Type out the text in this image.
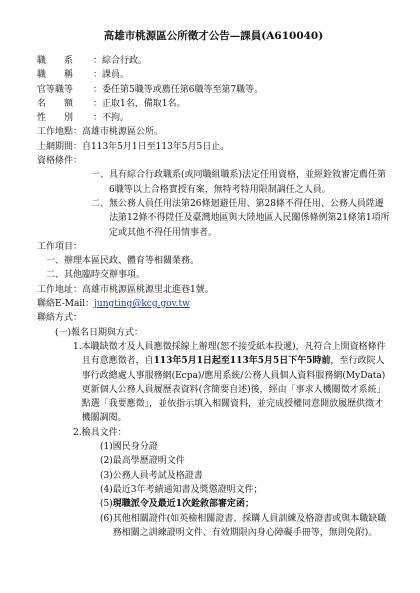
高雄市桃源區公所徵才公告—課員(A610040)
職　　系 ：綜合行政。
職　　稱 ：課員。
官等職等 ：委任第5職等或薦任第6職等至第7職等。
名　　額 ：正取1名，備取1名。
性　　別 ：不拘。
工作地點：高雄市桃源區公所。
上網期間：自113年5月1日至113年5月5日止。
資格條件：
一、 具有綜合行政職系(或同職組職系)法定任用資格，並經銓敘審定薦任第6職等以上合格實授有案，無特考特用限制調任之人員。
二、 無公務人員任用法第26條迴避任用、第28條不得任用、公務人員陞遷法第12條不得陞任及臺灣地區與大陸地區人民關係條例第21條第1項所定或其他不得任用情事者。
工作項目：
一、辦理本區民政、體育等相關業務。
二、其他臨時交辦事項。
工作地址：高雄市桃源區桃源里北進巷1號。
聯絡E-Mail：jungting@kcg.gov.tw
聯絡方式：
(一)報名日期與方式：
1. 本職缺徵才及人員應徵採線上辦理(恕不接受紙本投遞)，凡符合上開資格條件且有意應徵者，自113年5月1日起至113年5月5日下午5時前，至行政院人事行政總處人事服務網(Ecpa)/應用系統/公務人員個人資料服務網(MyData)更新個人公務人員履歷表資料(含簡要自述)後，經由「事求人機關徵才系統」點選「我要應徵」，並依指示填入相關資料，並完成授權同意開放履歷供徵才機關調閱。
2.檢具文件：
(1) 國民身分證
(2) 最高學歷證明文件
(3) 公務人員考試及格證書
(4) 最近3年考績通知書及獎懲證明文件；
(5) 現職派令及最近1次銓敘部審定函；
(6) 其他相關證件(如英檢相關證書、採購人員訓練及格證書或與本職缺職務相關之訓練證明文件、有效期限內身心障礙手冊等，無則免附)。
